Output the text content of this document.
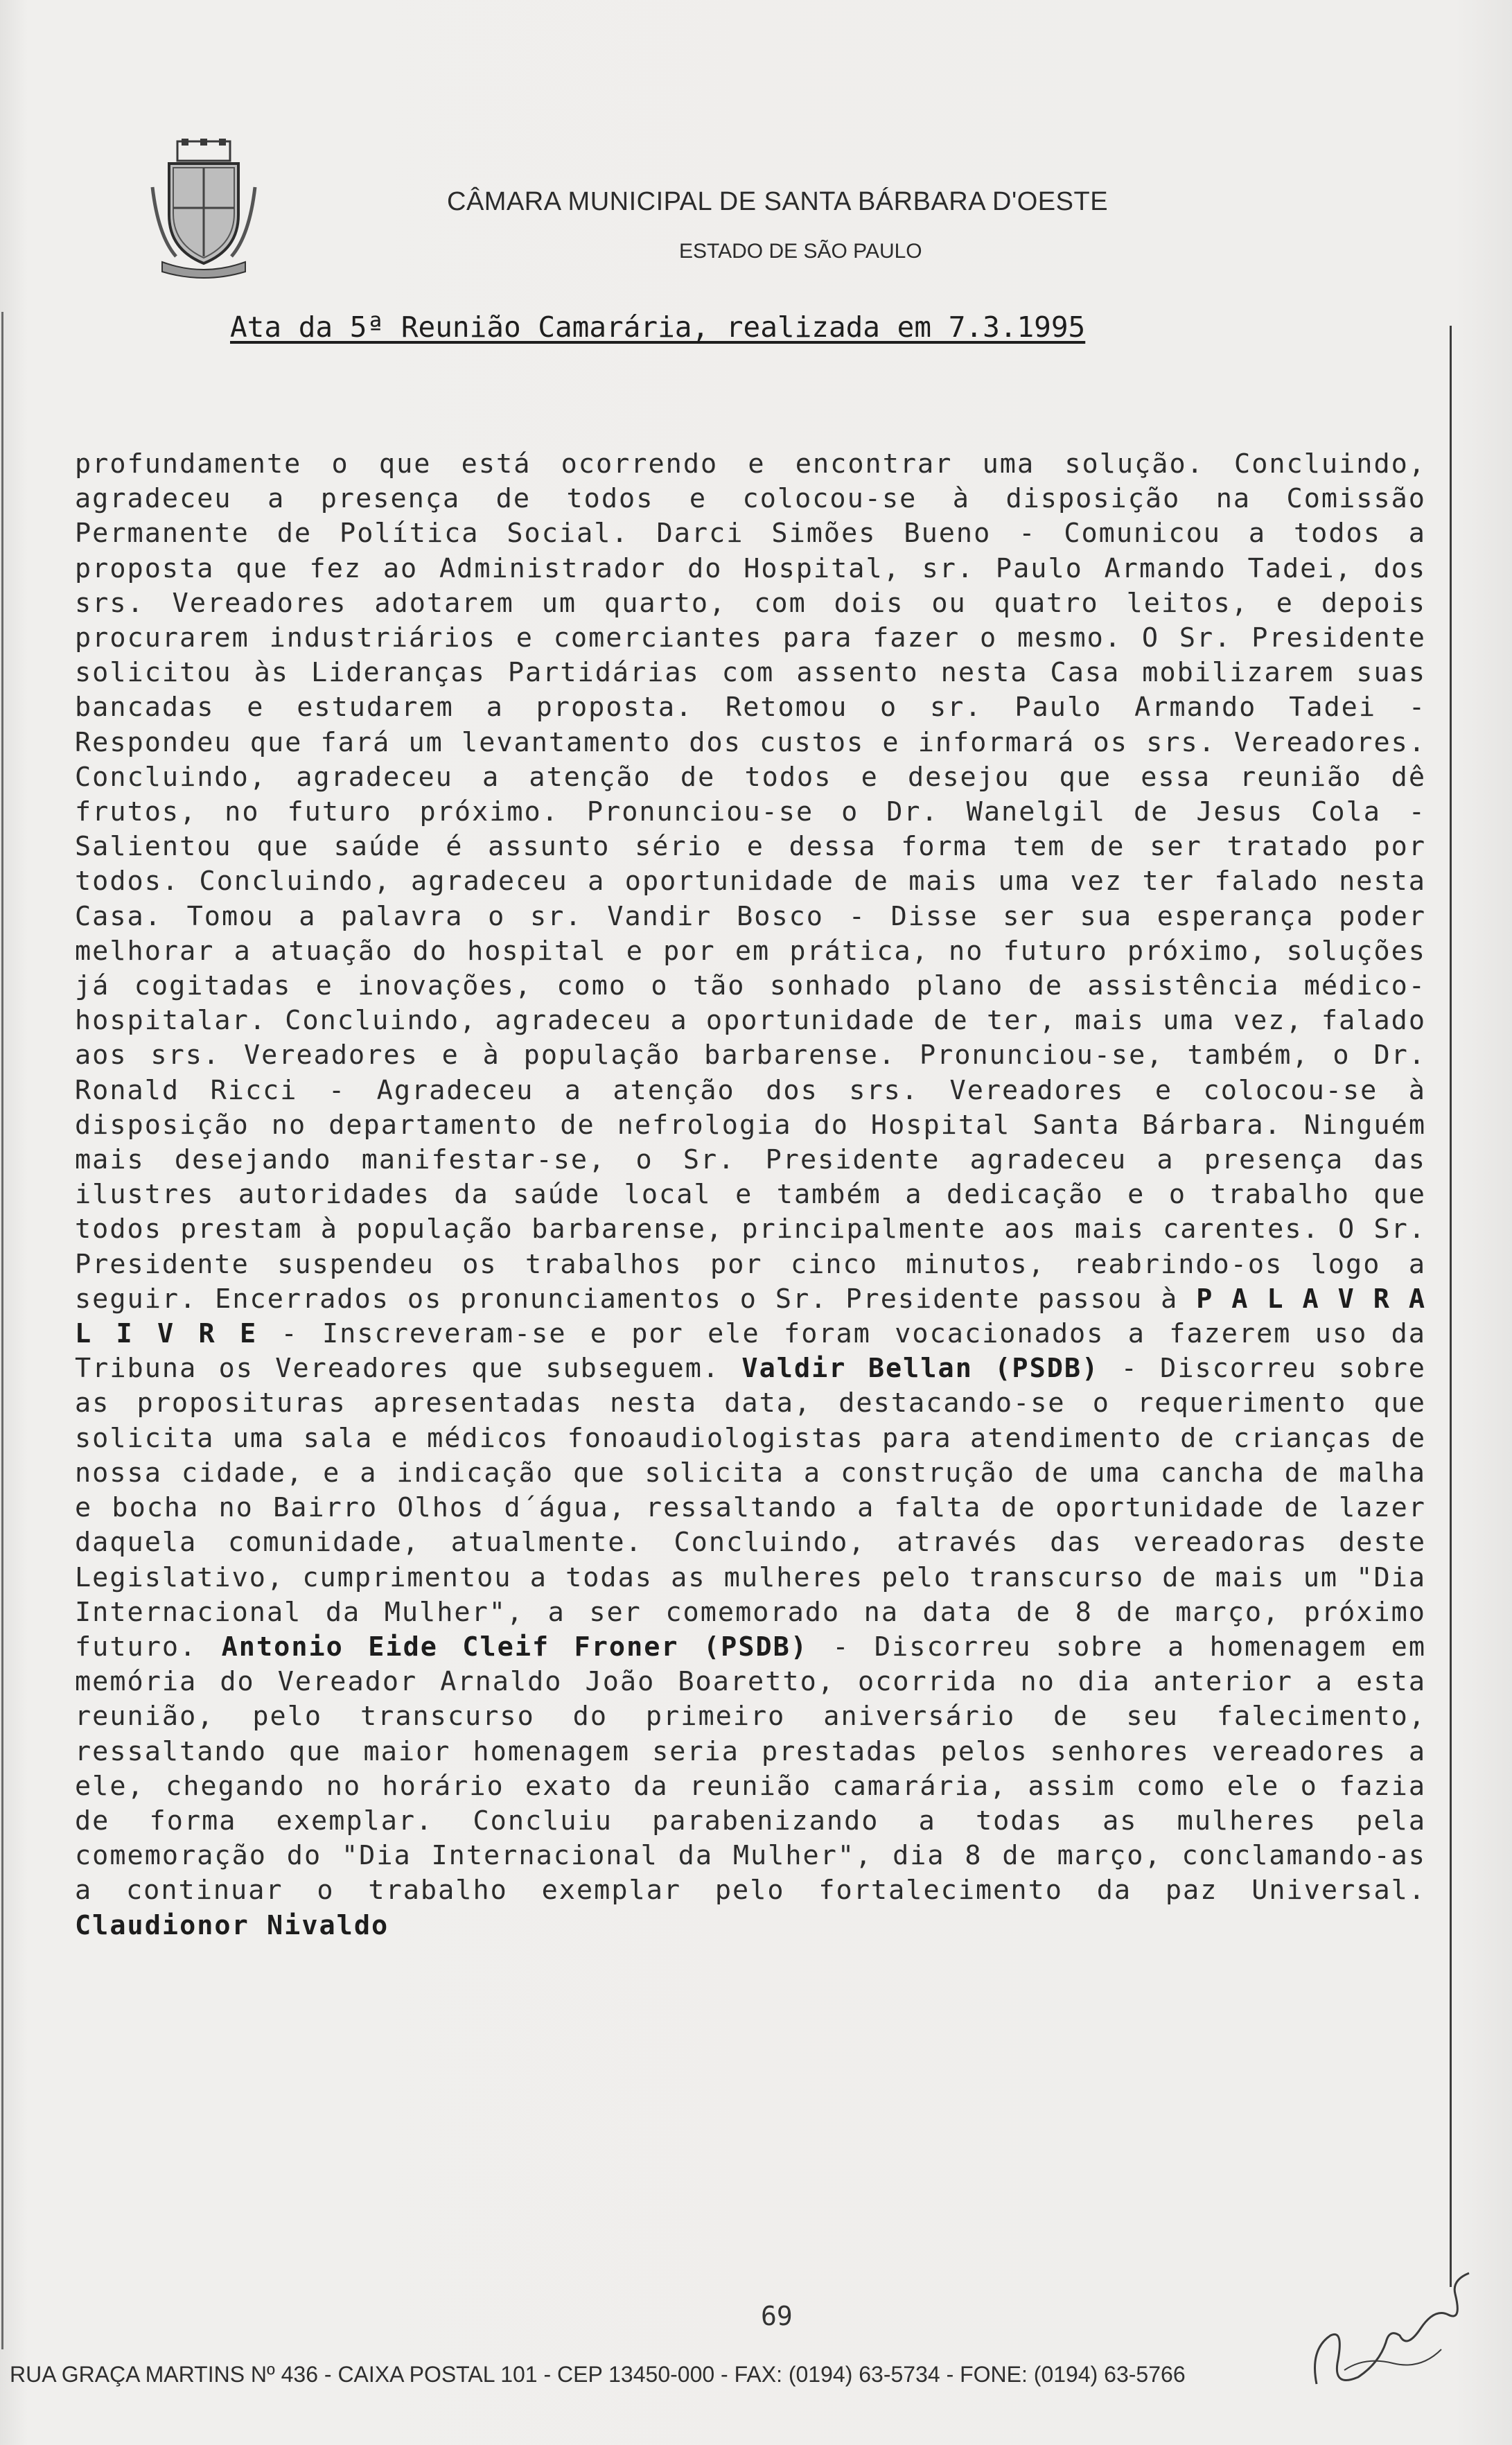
CÂMARA MUNICIPAL DE SANTA BÁRBARA D'OESTE
ESTADO DE SÃO PAULO
Ata da 5ª Reunião Camarária, realizada em 7.3.1995
profundamente o que está ocorrendo e encontrar uma solução. Concluindo, agradeceu a presença de todos e colocou-se à disposição na Comissão Permanente de Política Social. Darci Simões Bueno - Comunicou a todos a proposta que fez ao Administrador do Hospital, sr. Paulo Armando Tadei, dos srs. Vereadores adotarem um quarto, com dois ou quatro leitos, e depois procurarem industriários e comerciantes para fazer o mesmo. O Sr. Presidente solicitou às Lideranças Partidárias com assento nesta Casa mobilizarem suas bancadas e estudarem a proposta. Retomou o sr. Paulo Armando Tadei - Respondeu que fará um levantamento dos custos e informará os srs. Vereadores. Concluindo, agradeceu a atenção de todos e desejou que essa reunião dê frutos, no futuro próximo. Pronunciou-se o Dr. Wanelgil de Jesus Cola - Salientou que saúde é assunto sério e dessa forma tem de ser tratado por todos. Concluindo, agradeceu a oportunidade de mais uma vez ter falado nesta Casa. Tomou a palavra o sr. Vandir Bosco - Disse ser sua esperança poder melhorar a atuação do hospital e por em prática, no futuro próximo, soluções já cogitadas e inovações, como o tão sonhado plano de assistência médico-hospitalar. Concluindo, agradeceu a oportunidade de ter, mais uma vez, falado aos srs. Vereadores e à população barbarense. Pronunciou-se, também, o Dr. Ronald Ricci - Agradeceu a atenção dos srs. Vereadores e colocou-se à disposição no departamento de nefrologia do Hospital Santa Bárbara. Ninguém mais desejando manifestar-se, o Sr. Presidente agradeceu a presença das ilustres autoridades da saúde local e também a dedicação e o trabalho que todos prestam à população barbarense, principalmente aos mais carentes. O Sr. Presidente suspendeu os trabalhos por cinco minutos, reabrindo-os logo a seguir. Encerrados os pronunciamentos o Sr. Presidente passou à P A L A V R A L I V R E - Inscreveram-se e por ele foram vocacionados a fazerem uso da Tribuna os Vereadores que subseguem. Valdir Bellan (PSDB) - Discorreu sobre as proposituras apresentadas nesta data, destacando-se o requerimento que solicita uma sala e médicos fonoaudiologistas para atendimento de crianças de nossa cidade, e a indicação que solicita a construção de uma cancha de malha e bocha no Bairro Olhos d´água, ressaltando a falta de oportunidade de lazer daquela comunidade, atualmente. Concluindo, através das vereadoras deste Legislativo, cumprimentou a todas as mulheres pelo transcurso de mais um "Dia Internacional da Mulher", a ser comemorado na data de 8 de março, próximo futuro. Antonio Eide Cleif Froner (PSDB) - Discorreu sobre a homenagem em memória do Vereador Arnaldo João Boaretto, ocorrida no dia anterior a esta reunião, pelo transcurso do primeiro aniversário de seu falecimento, ressaltando que maior homenagem seria prestadas pelos senhores vereadores a ele, chegando no horário exato da reunião camarária, assim como ele o fazia de forma exemplar. Concluiu parabenizando a todas as mulheres pela comemoração do "Dia Internacional da Mulher", dia 8 de março, conclamando-as a continuar o trabalho exemplar pelo fortalecimento da paz Universal. Claudionor Nivaldo
69
RUA GRAÇA MARTINS Nº 436 - CAIXA POSTAL 101 - CEP 13450-000 - FAX: (0194) 63-5734 - FONE: (0194) 63-5766
